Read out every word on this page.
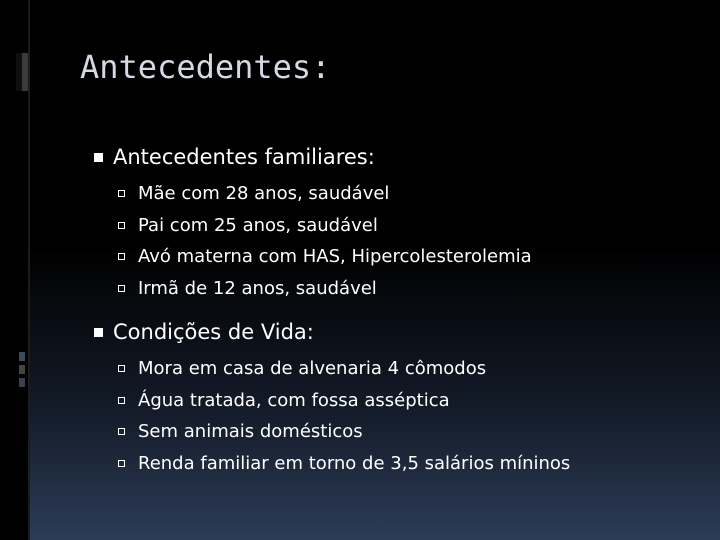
Antecedentes:
Antecedentes familiares:
Mãe com 28 anos, saudável
Pai com 25 anos, saudável
Avó materna com HAS, Hipercolesterolemia
Irmã de 12 anos, saudável
Condições de Vida:
Mora em casa de alvenaria 4 cômodos
Água tratada, com fossa asséptica
Sem animais domésticos
Renda familiar em torno de 3,5 salários míninos
